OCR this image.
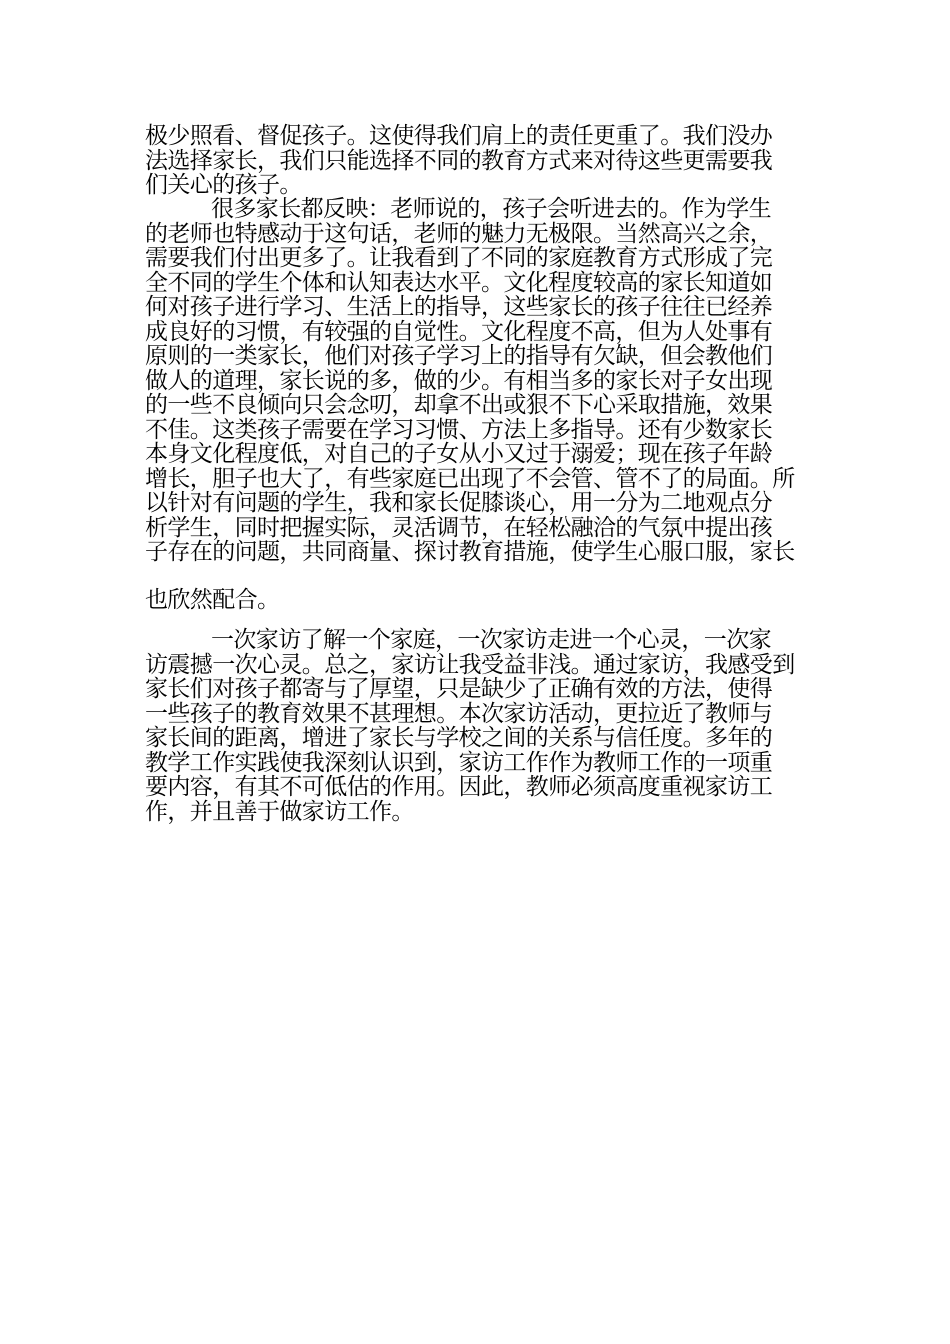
极少照看、督促孩子。这使得我们肩上的责任更重了。我们没办
法选择家长，我们只能选择不同的教育方式来对待这些更需要我
们关心的孩子。
很多家长都反映：老师说的，孩子会听进去的。作为学生
的老师也特感动于这句话，老师的魅力无极限。当然高兴之余，
需要我们付出更多了。让我看到了不同的家庭教育方式形成了完
全不同的学生个体和认知表达水平。文化程度较高的家长知道如
何对孩子进行学习、生活上的指导，这些家长的孩子往往已经养
成良好的习惯，有较强的自觉性。文化程度不高，但为人处事有
原则的一类家长，他们对孩子学习上的指导有欠缺，但会教他们
做人的道理，家长说的多，做的少。有相当多的家长对子女出现
的一些不良倾向只会念叨，却拿不出或狠不下心采取措施，效果
不佳。这类孩子需要在学习习惯、方法上多指导。还有少数家长
本身文化程度低，对自己的子女从小又过于溺爱；现在孩子年龄
增长，胆子也大了，有些家庭已出现了不会管、管不了的局面。所
以针对有问题的学生，我和家长促膝谈心，用一分为二地观点分
析学生，同时把握实际，灵活调节，在轻松融洽的气氛中提出孩
子存在的问题，共同商量、探讨教育措施，使学生心服口服，家长
也欣然配合。
一次家访了解一个家庭，一次家访走进一个心灵，一次家
访震撼一次心灵。总之，家访让我受益非浅。通过家访，我感受到
家长们对孩子都寄与了厚望，只是缺少了正确有效的方法，使得
一些孩子的教育效果不甚理想。本次家访活动，更拉近了教师与
家长间的距离，增进了家长与学校之间的关系与信任度。多年的
教学工作实践使我深刻认识到，家访工作作为教师工作的一项重
要内容，有其不可低估的作用。因此，教师必须高度重视家访工
作，并且善于做家访工作。
